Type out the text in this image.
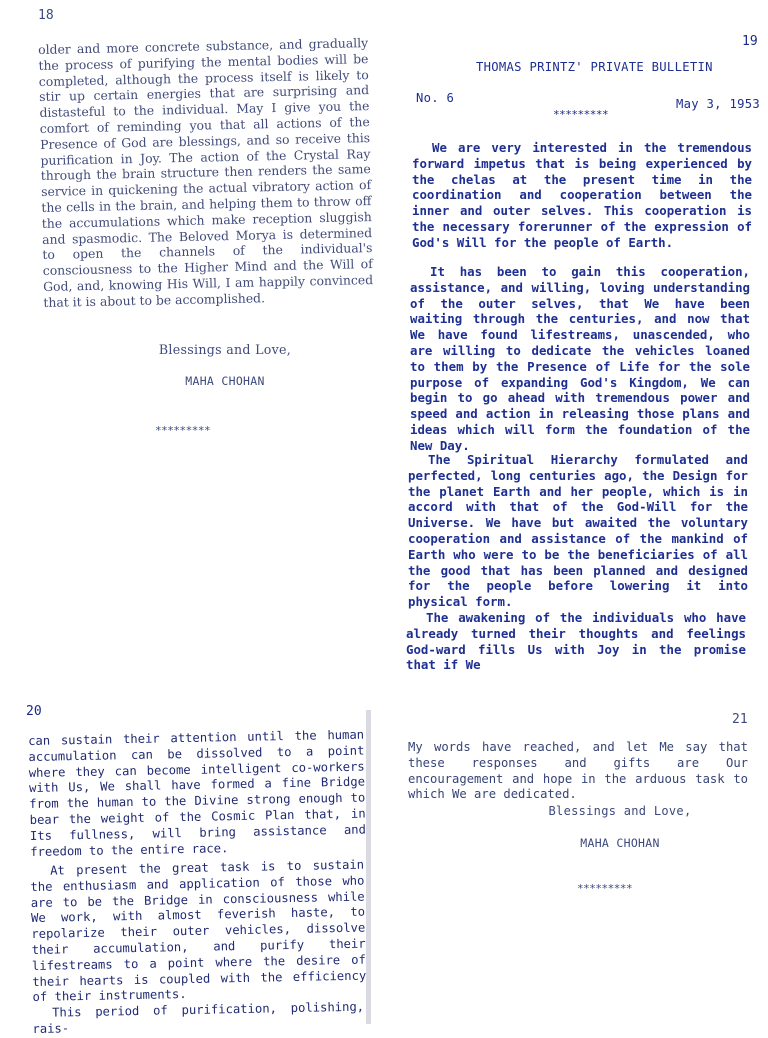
18

older and more concrete substance, and gradually the process of purifying the mental bodies will be completed, although the process itself is likely to stir up certain energies that are surprising and distasteful to the individual. May I give you the comfort of reminding you that all actions of the Presence of God are blessings, and so receive this purification in Joy. The action of the Crystal Ray through the brain structure then renders the same service in quickening the actual vibratory action of the cells in the brain, and helping them to throw off the accumulations which make reception sluggish and spasmodic. The Beloved Morya is determined to open the channels of the individual's consciousness to the Higher Mind and the Will of God, and, knowing His Will, I am happily convinced that it is about to be accomplished.

Blessings and Love,
MAHA CHOHAN
*********
19
THOMAS PRINTZ' PRIVATE BULLETIN
No. 6	May 3, 1953
*********

We are very interested in the tremendous forward impetus that is being experienced by the chelas at the present time in the coordination and cooperation between the inner and outer selves. This cooperation is the necessary forerunner of the expression of God's Will for the people of Earth.

It has been to gain this cooperation, assistance, and willing, loving understanding of the outer selves, that We have been waiting through the centuries, and now that We have found lifestreams, unascended, who are willing to dedicate the vehicles loaned to them by the Presence of Life for the sole purpose of expanding God's Kingdom, We can begin to go ahead with tremendous power and speed and action in releasing those plans and ideas which will form the foundation of the New Day.

The Spiritual Hierarchy formulated and perfected, long centuries ago, the Design for the planet Earth and her people, which is in accord with that of the God-Will for the Universe. We have but awaited the voluntary cooperation and assistance of the mankind of Earth who were to be the beneficiaries of all the good that has been planned and designed for the people before lowering it into physical form.

The awakening of the individuals who have already turned their thoughts and feelings God-ward fills Us with Joy in the promise that if We

20

can sustain their attention until the human accumulation can be dissolved to a point where they can become intelligent co-workers with Us, We shall have formed a fine Bridge from the human to the Divine strong enough to bear the weight of the Cosmic Plan that, in Its fullness, will bring assistance and freedom to the entire race.

At present the great task is to sustain the enthusiasm and application of those who are to be the Bridge in consciousness while We work, with almost feverish haste, to repolarize their outer vehicles, dissolve their accumulation, and purify their lifestreams to a point where the desire of their hearts is coupled with the efficiency of their instruments.

This period of purification, polishing, rais-

21

My words have reached, and let Me say that these responses and gifts are Our encouragement and hope in the arduous task to which We are dedicated.

Blessings and Love,
MAHA CHOHAN
*********
